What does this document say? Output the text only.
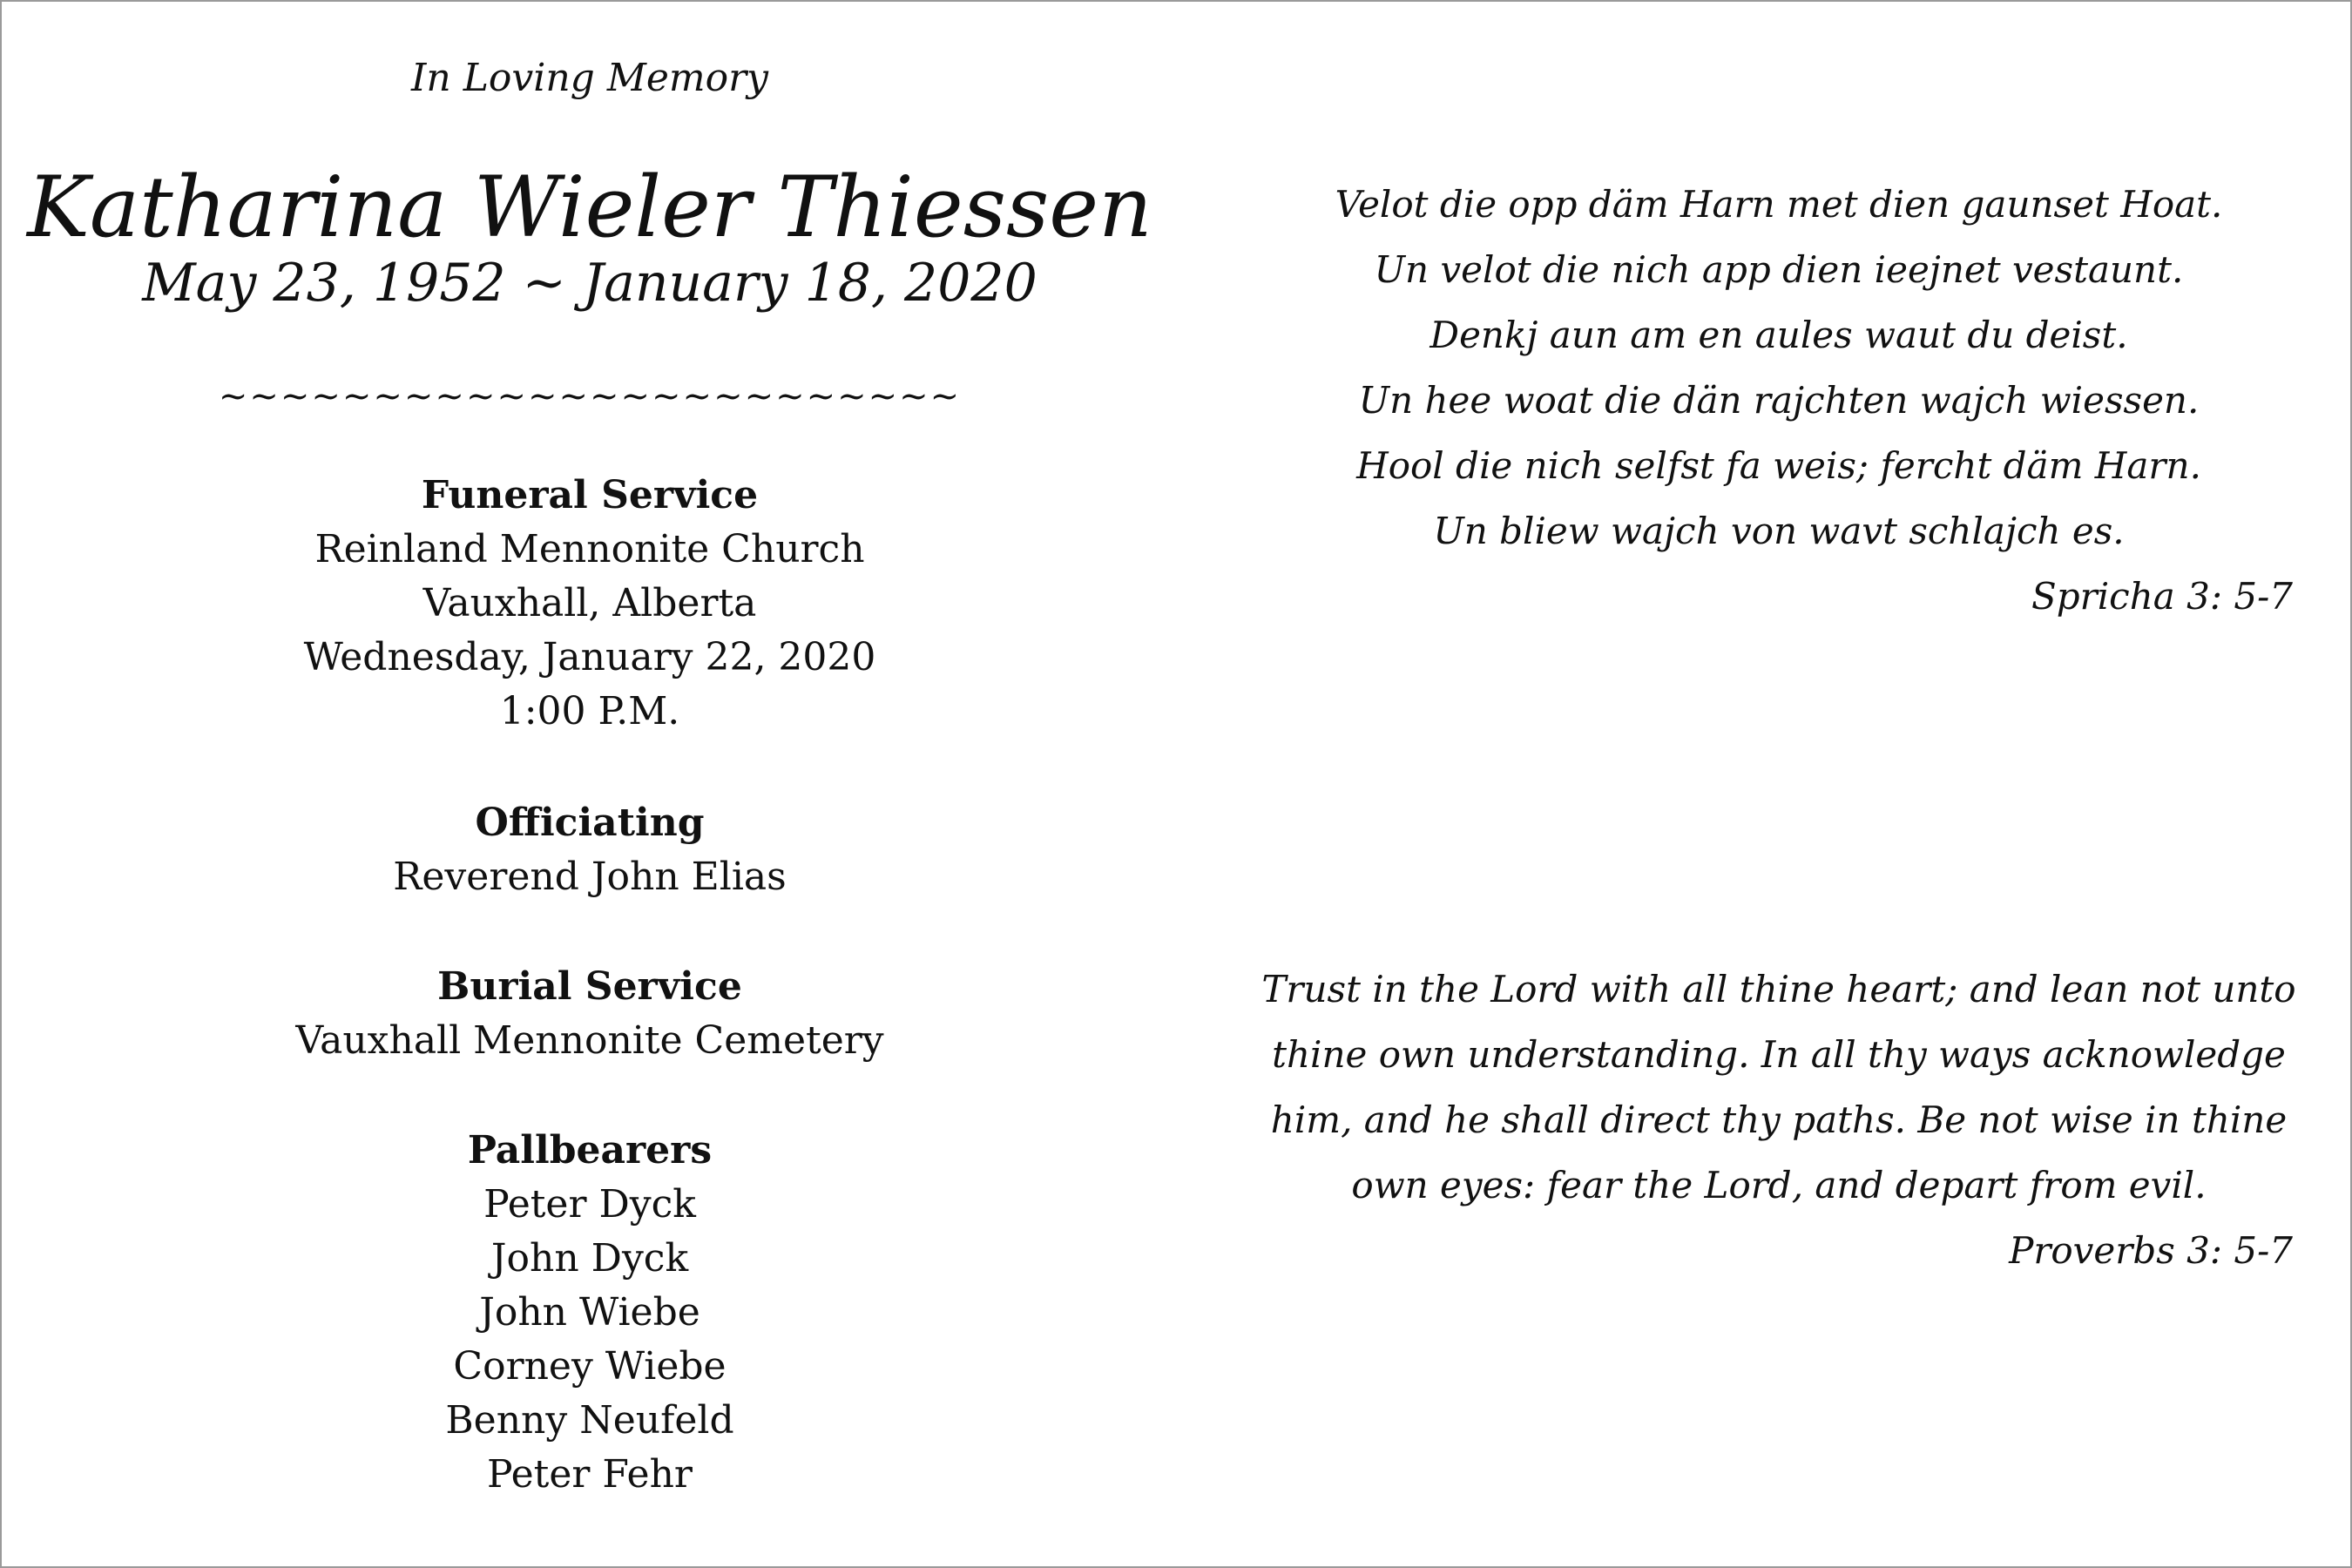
In Loving Memory
Katharina Wieler Thiessen
May 23, 1952 ~ January 18, 2020
~~~~~~~~~~~~~~~~~~~~~~~~
Funeral Service
Reinland Mennonite Church
Vauxhall, Alberta
Wednesday, January 22, 2020
1:00 P.M.
Officiating
Reverend John Elias
Burial Service
Vauxhall Mennonite Cemetery
Pallbearers
Peter Dyck
John Dyck
John Wiebe
Corney Wiebe
Benny Neufeld
Peter Fehr
Velot die opp däm Harn met dien gaunset Hoat.
Un velot die nich app dien ieejnet vestaunt.
Denkj aun am en aules waut du deist.
Un hee woat die dän rajchten wajch wiessen.
Hool die nich selfst fa weis; fercht däm Harn.
Un bliew wajch von wavt schlajch es.
Spricha 3: 5-7
Trust in the Lord with all thine heart; and lean not unto
thine own understanding. In all thy ways acknowledge
him, and he shall direct thy paths. Be not wise in thine
own eyes: fear the Lord, and depart from evil.
Proverbs 3: 5-7
